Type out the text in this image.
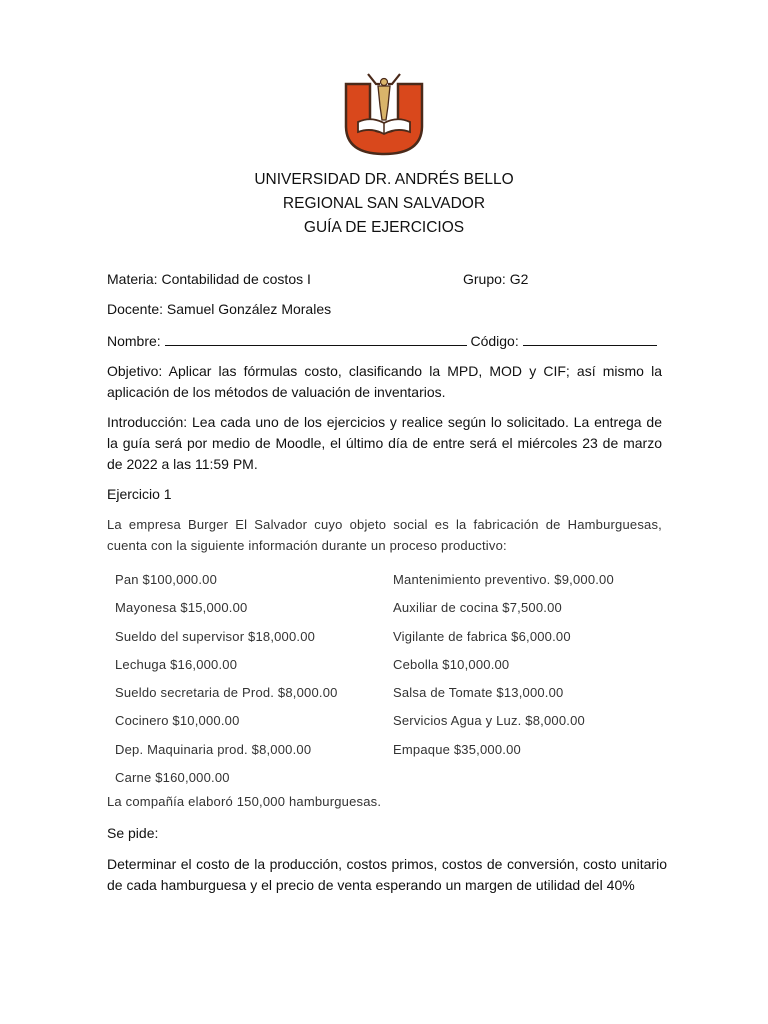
UNIVERSIDAD DR. ANDRÉS BELLO
REGIONAL SAN SALVADOR
GUÍA DE EJERCICIOS
Materia: Contabilidad de costos I	Grupo: G2
Docente: Samuel González Morales
Nombre:	Código:
Objetivo: Aplicar las fórmulas costo, clasificando la MPD, MOD y CIF; así mismo la aplicación de los métodos de valuación de inventarios.
Introducción: Lea cada uno de los ejercicios y realice según lo solicitado. La entrega de la guía será por medio de Moodle, el último día de entre será el miércoles 23 de marzo de 2022 a las 11:59 PM.
Ejercicio 1
La empresa Burger El Salvador cuyo objeto social es la fabricación de Hamburguesas, cuenta con la siguiente información durante un proceso productivo:
Pan $100,000.00
Mayonesa $15,000.00
Sueldo del supervisor $18,000.00
Lechuga $16,000.00
Sueldo secretaria de Prod. $8,000.00
Cocinero $10,000.00
Dep. Maquinaria prod. $8,000.00
Carne $160,000.00
Mantenimiento preventivo. $9,000.00
Auxiliar de cocina $7,500.00
Vigilante de fabrica $6,000.00
Cebolla $10,000.00
Salsa de Tomate $13,000.00
Servicios Agua y Luz. $8,000.00
Empaque $35,000.00
La compañía elaboró 150,000 hamburguesas.
Se pide:
Determinar el costo de la producción, costos primos, costos de conversión, costo unitario de cada hamburguesa y el precio de venta esperando un margen de utilidad del 40%
